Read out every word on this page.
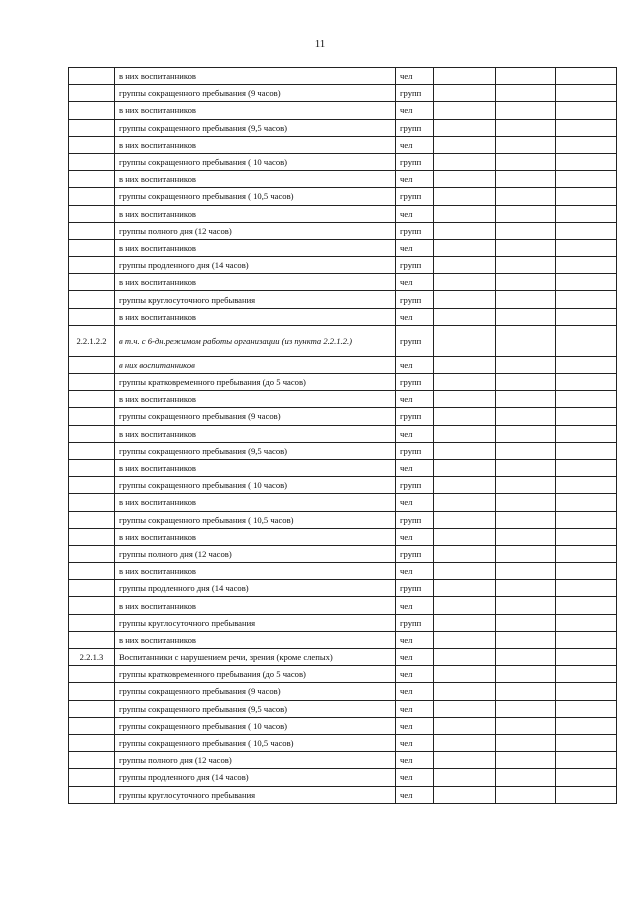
11
	в них воспитанников	чел			
	группы сокращенного пребывания (9 часов)	групп			
	в них воспитанников	чел			
	группы сокращенного пребывания (9,5 часов)	групп			
	в них воспитанников	чел			
	группы сокращенного пребывания ( 10 часов)	групп			
	в них воспитанников	чел			
	группы сокращенного пребывания ( 10,5 часов)	групп			
	в них воспитанников	чел			
	группы полного дня (12 часов)	групп			
	в них воспитанников	чел			
	группы продленного дня (14 часов)	групп			
	в них воспитанников	чел			
	группы круглосуточного пребывания	групп			
	в них воспитанников	чел			
2.2.1.2.2	в т.ч. с 6-дн.режимом работы организации (из пункта 2.2.1.2.)	групп			
	в них воспитанников	чел			
	группы кратковременного пребывания (до 5 часов)	групп			
	в них воспитанников	чел			
	группы сокращенного пребывания (9 часов)	групп			
	в них воспитанников	чел			
	группы сокращенного пребывания (9,5 часов)	групп			
	в них воспитанников	чел			
	группы сокращенного пребывания ( 10 часов)	групп			
	в них воспитанников	чел			
	группы сокращенного пребывания ( 10,5 часов)	групп			
	в них воспитанников	чел			
	группы полного дня (12 часов)	групп			
	в них воспитанников	чел			
	группы продленного дня (14 часов)	групп			
	в них воспитанников	чел			
	группы круглосуточного пребывания	групп			
	в них воспитанников	чел			
2.2.1.3	Воспитанники с нарушением речи, зрения (кроме слепых)	чел			
	группы кратковременного пребывания (до 5 часов)	чел			
	группы сокращенного пребывания (9 часов)	чел			
	группы сокращенного пребывания (9,5 часов)	чел			
	группы сокращенного пребывания ( 10 часов)	чел			
	группы сокращенного пребывания ( 10,5 часов)	чел			
	группы полного дня (12 часов)	чел			
	группы продленного дня (14 часов)	чел			
	группы круглосуточного пребывания	чел			
